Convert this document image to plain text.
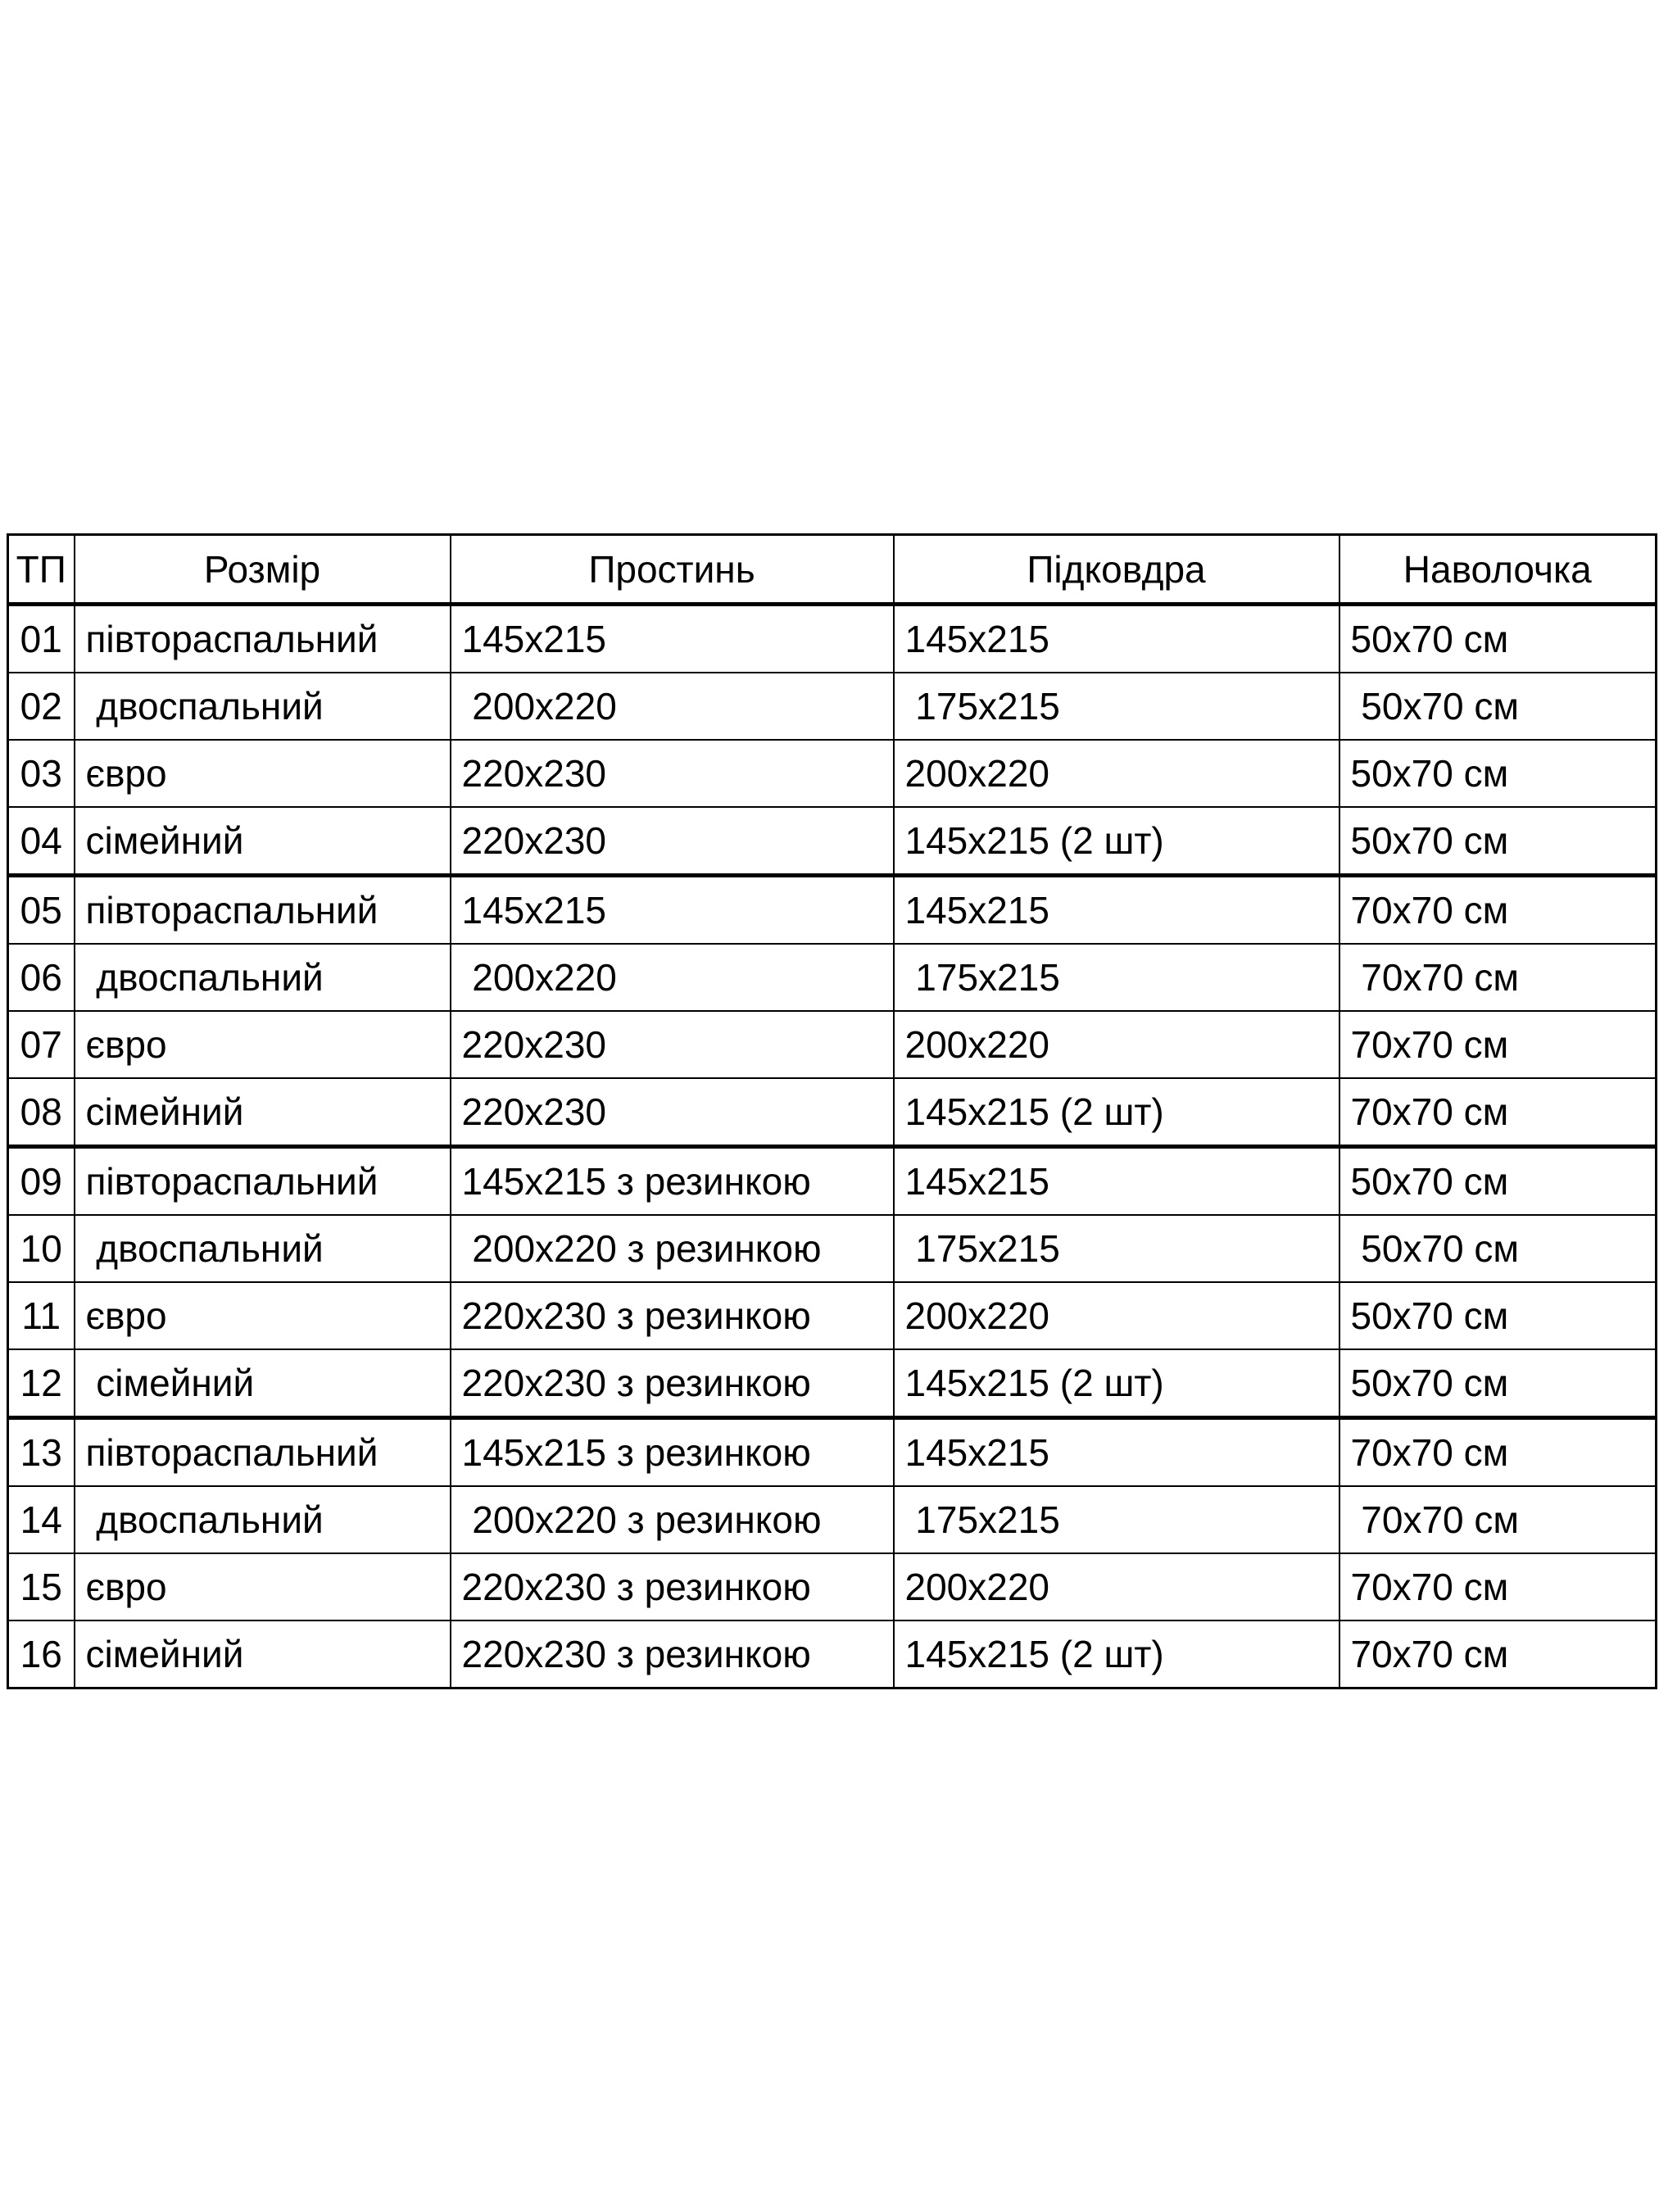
ТП	Розмір	Простинь	Підковдра	Наволочка
01	півтораспальний	145х215	145х215	50х70 см
02	двоспальний	200х220	175х215	50х70 см
03	євро	220х230	200х220	50х70 см
04	сімейний	220х230	145х215 (2 шт)	50х70 см
05	півтораспальний	145х215	145х215	70х70 см
06	двоспальний	200х220	175х215	70х70 см
07	євро	220х230	200х220	70х70 см
08	сімейний	220х230	145х215 (2 шт)	70х70 см
09	півтораспальний	145х215 з резинкою	145х215	50х70 см
10	двоспальний	200х220 з резинкою	175х215	50х70 см
11	євро	220х230 з резинкою	200х220	50х70 см
12	сімейний	220х230 з резинкою	145х215 (2 шт)	50х70 см
13	півтораспальний	145х215 з резинкою	145х215	70х70 см
14	двоспальний	200х220 з резинкою	175х215	70х70 см
15	євро	220х230 з резинкою	200х220	70х70 см
16	сімейний	220х230 з резинкою	145х215 (2 шт)	70х70 см
